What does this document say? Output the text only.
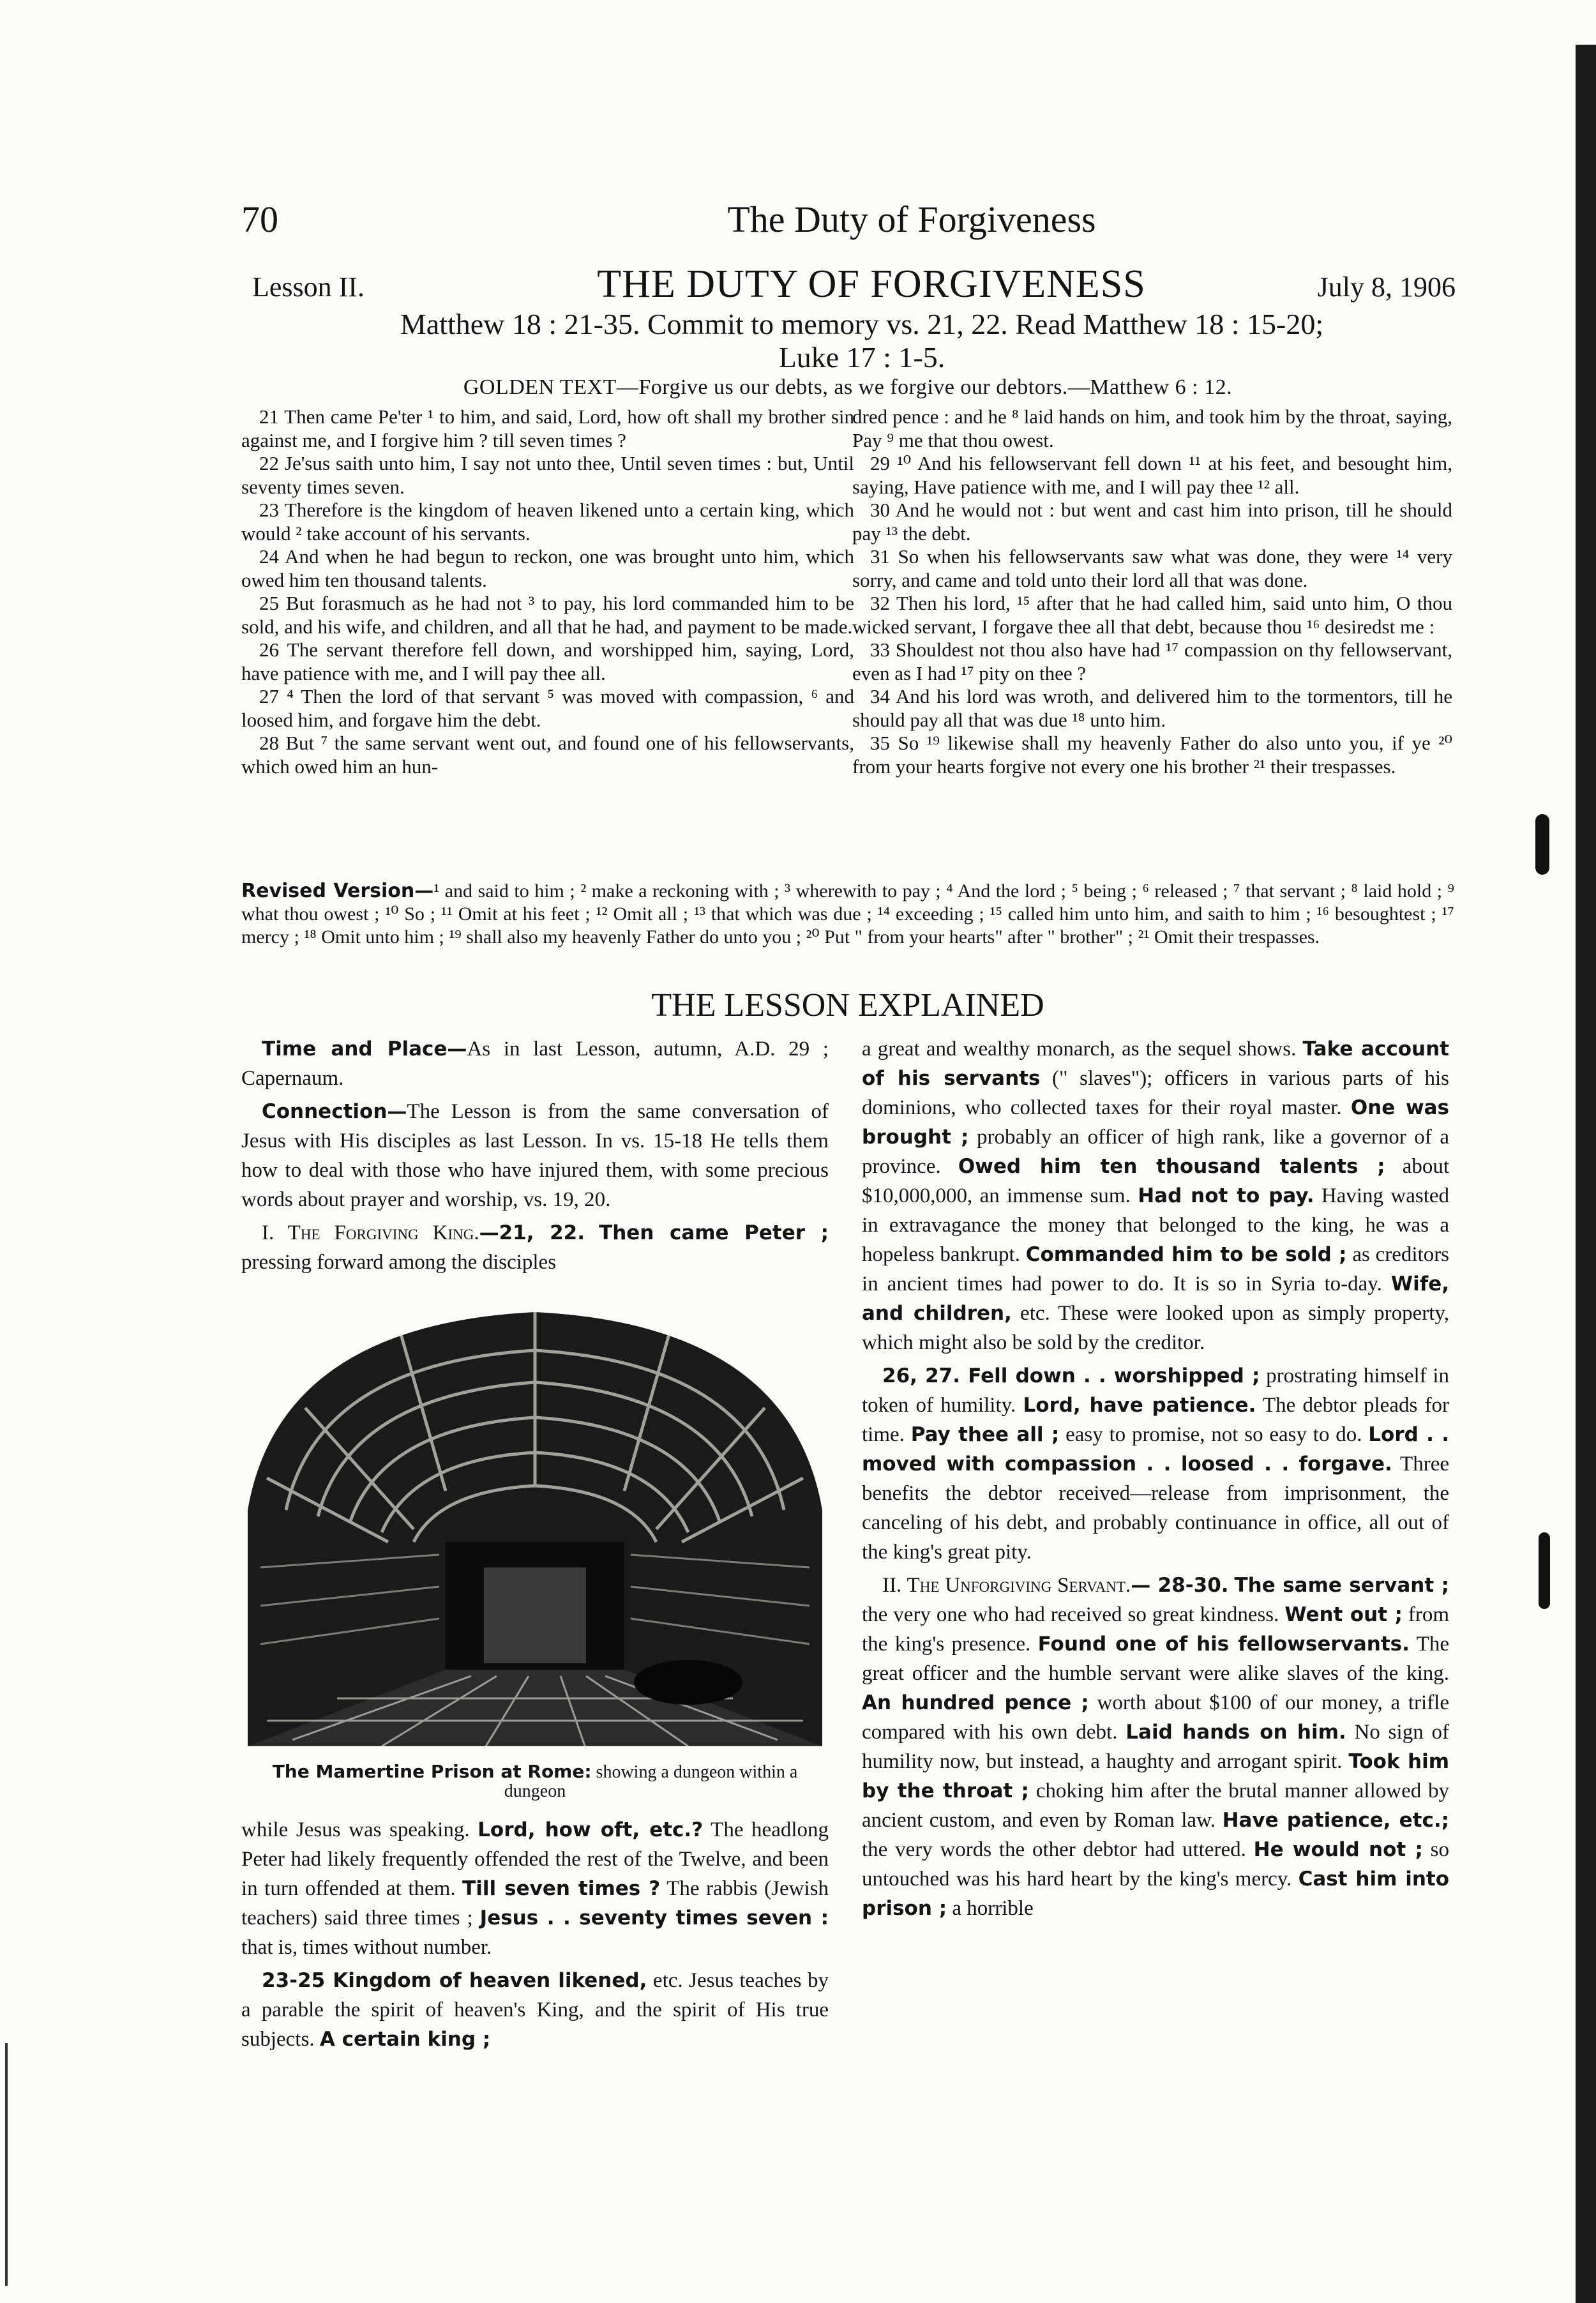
70	The Duty of Forgiveness
Lesson II.	THE DUTY OF FORGIVENESS	July 8, 1906
Matthew 18 : 21-35. Commit to memory vs. 21, 22. Read Matthew 18 : 15-20;
Luke 17 : 1-5.
GOLDEN TEXT—Forgive us our debts, as we forgive our debtors.—Matthew 6 : 12.

21 Then came Pe'ter ¹ to him, and said, Lord, how oft shall my brother sin against me, and I forgive him ? till seven times ?

22 Je'sus saith unto him, I say not unto thee, Until seven times : but, Until seventy times seven.

23 Therefore is the kingdom of heaven likened unto a certain king, which would ² take account of his servants.

24 And when he had begun to reckon, one was brought unto him, which owed him ten thousand talents.

25 But forasmuch as he had not ³ to pay, his lord commanded him to be sold, and his wife, and children, and all that he had, and payment to be made.

26 The servant therefore fell down, and worshipped him, saying, Lord, have patience with me, and I will pay thee all.

27 ⁴ Then the lord of that servant ⁵ was moved with compassion, ⁶ and loosed him, and forgave him the debt.

28 But ⁷ the same servant went out, and found one of his fellowservants, which owed him an hun-

dred pence : and he ⁸ laid hands on him, and took him by the throat, saying, Pay ⁹ me that thou owest.

29 ¹⁰ And his fellowservant fell down ¹¹ at his feet, and besought him, saying, Have patience with me, and I will pay thee ¹² all.

30 And he would not : but went and cast him into prison, till he should pay ¹³ the debt.

31 So when his fellowservants saw what was done, they were ¹⁴ very sorry, and came and told unto their lord all that was done.

32 Then his lord, ¹⁵ after that he had called him, said unto him, O thou wicked servant, I forgave thee all that debt, because thou ¹⁶ desiredst me :

33 Shouldest not thou also have had ¹⁷ compassion on thy fellowservant, even as I had ¹⁷ pity on thee ?

34 And his lord was wroth, and delivered him to the tormentors, till he should pay all that was due ¹⁸ unto him.

35 So ¹⁹ likewise shall my heavenly Father do also unto you, if ye ²⁰ from your hearts forgive not every one his brother ²¹ their trespasses.

Revised Version—¹ and said to him ; ² make a reckoning with ; ³ wherewith to pay ; ⁴ And the lord ; ⁵ being ; ⁶ released ; ⁷ that servant ; ⁸ laid hold ; ⁹ what thou owest ; ¹⁰ So ; ¹¹ Omit at his feet ; ¹² Omit all ; ¹³ that which was due ; ¹⁴ exceeding ; ¹⁵ called him unto him, and saith to him ; ¹⁶ besoughtest ; ¹⁷ mercy ; ¹⁸ Omit unto him ; ¹⁹ shall also my heavenly Father do unto you ; ²⁰ Put " from your hearts" after " brother" ; ²¹ Omit their trespasses.
THE LESSON EXPLAINED

Time and Place—As in last Lesson, autumn, A.D. 29 ; Capernaum.

Connection—The Lesson is from the same conversation of Jesus with His disciples as last Lesson. In vs. 15-18 He tells them how to deal with those who have injured them, with some precious words about prayer and worship, vs. 19, 20.

I. The Forgiving King.—21, 22. Then came Peter ; pressing forward among the disciples

The Mamertine Prison at Rome: showing a dungeon within a dungeon

while Jesus was speaking. Lord, how oft, etc.? The headlong Peter had likely frequently offended the rest of the Twelve, and been in turn offended at them. Till seven times ? The rabbis (Jewish teachers) said three times ; Jesus . . seventy times seven : that is, times without number.

23-25 Kingdom of heaven likened, etc. Jesus teaches by a parable the spirit of heaven's King, and the spirit of His true subjects. A certain king ;

a great and wealthy monarch, as the sequel shows. Take account of his servants (" slaves"); officers in various parts of his dominions, who collected taxes for their royal master. One was brought ; probably an officer of high rank, like a governor of a province. Owed him ten thousand talents ; about $10,000,000, an immense sum. Had not to pay. Having wasted in extravagance the money that belonged to the king, he was a hopeless bankrupt. Commanded him to be sold ; as creditors in ancient times had power to do. It is so in Syria to-day. Wife, and children, etc. These were looked upon as simply property, which might also be sold by the creditor.

26, 27. Fell down . . worshipped ; prostrating himself in token of humility. Lord, have patience. The debtor pleads for time. Pay thee all ; easy to promise, not so easy to do. Lord . . moved with compassion . . loosed . . forgave. Three benefits the debtor received—release from imprisonment, the canceling of his debt, and probably continuance in office, all out of the king's great pity.

II. The Unforgiving Servant.— 28-30. The same servant ; the very one who had received so great kindness. Went out ; from the king's presence. Found one of his fellowservants. The great officer and the humble servant were alike slaves of the king. An hundred pence ; worth about $100 of our money, a trifle compared with his own debt. Laid hands on him. No sign of humility now, but instead, a haughty and arrogant spirit. Took him by the throat ; choking him after the brutal manner allowed by ancient custom, and even by Roman law. Have patience, etc.; the very words the other debtor had uttered. He would not ; so untouched was his hard heart by the king's mercy. Cast him into prison ; a horrible
